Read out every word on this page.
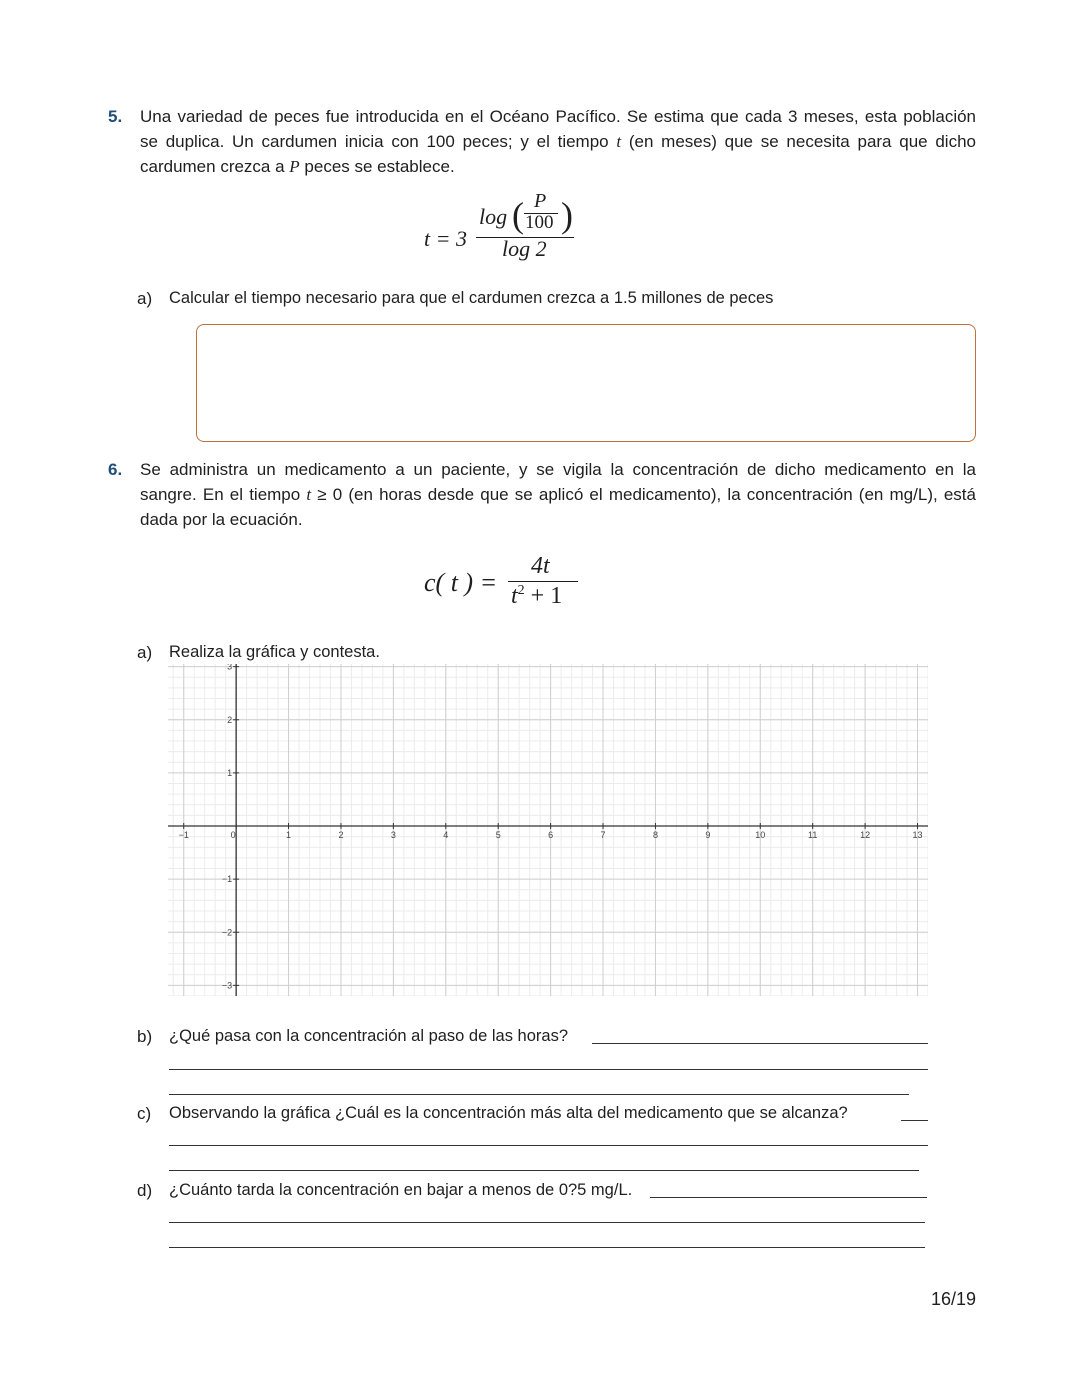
5. Una variedad de peces fue introducida en el Océano Pacífico. Se estima que cada 3 meses, esta población
se duplica. Un cardumen inicia con 100 peces; y el tiempo t (en meses) que se necesita para que dicho
cardumen crezca a P peces se establece.
t = 3
log ( P
100 )
log 2
a) Calcular el tiempo necesario para que el cardumen crezca a 1.5 millones de peces
6. Se administra un medicamento a un paciente, y se vigila la concentración de dicho medicamento en la
sangre. En el tiempo t ≥ 0 (en horas desde que se aplicó el medicamento), la concentración (en mg/L), está
dada por la ecuación.
c( t ) =
4t
$t^2 + 1$
a) Realiza la gráfica y contesta.
−1	0	1	2	3	4	5	6	7	8	9	10	11	12	13
3
2
1
−1
−2
−3
b) ¿Qué pasa con la concentración al paso de las horas?
c) Observando la gráfica ¿Cuál es la concentración más alta del medicamento que se alcanza?
d) ¿Cuánto tarda la concentración en bajar a menos de 0?5 mg/L.
16/19
